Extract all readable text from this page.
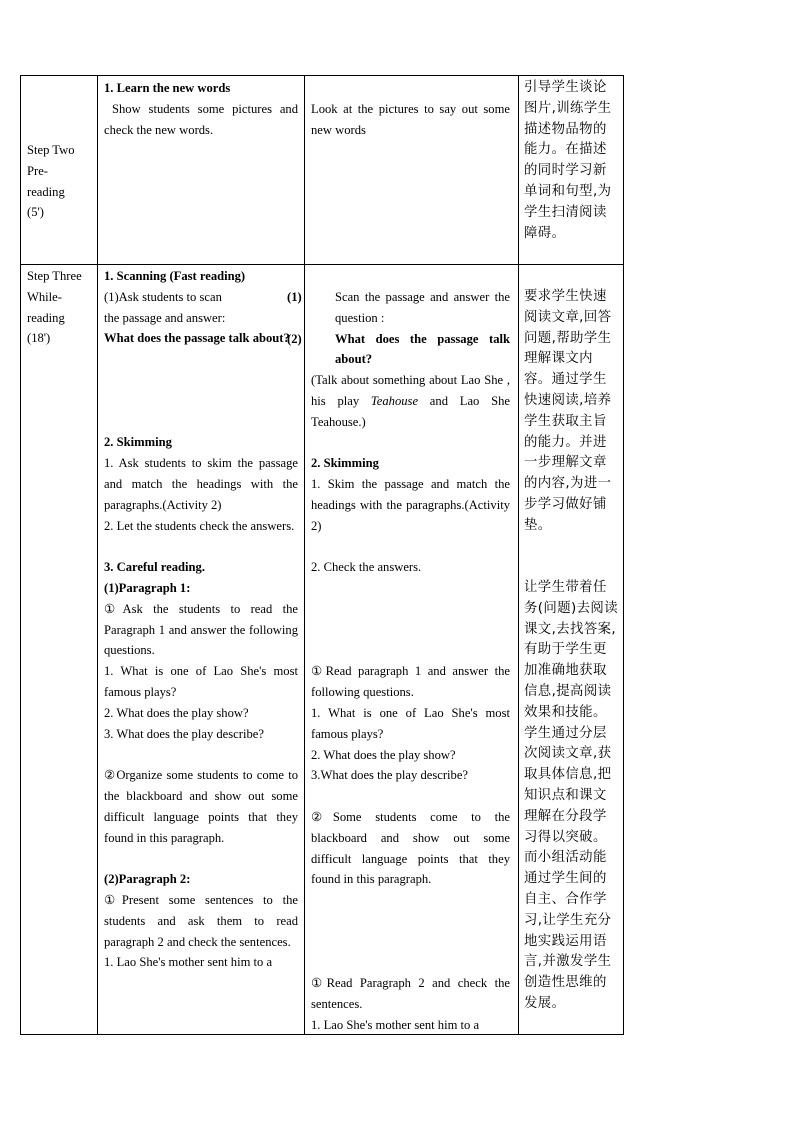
Step Two
Pre-
reading
(5')
1. Learn the new words
Show students some pictures and check the new words.
Look at the pictures to say out some new words
引导学生谈论图片,训练学生描述物品物的能力。在描述的同时学习新单词和句型,为学生扫清阅读障碍。
Step Three
While-
reading
(18')
1. Scanning (Fast reading)
(1)Ask students to scan
the passage and answer:
What does the passage talk about?
2. Skimming
1. Ask students to skim the passage and match the headings with the paragraphs.(Activity 2)
2. Let the students check the answers.
3. Careful reading.
(1)Paragraph 1:
①Ask the students to read the Paragraph 1 and answer the following questions.
1. What is one of Lao She's most famous plays?
2. What does the play show?
3. What does the play describe?
②Organize some students to come to the blackboard and show out some difficult language points that they found in this paragraph.
(2)Paragraph 2:
①Present some sentences to the students and ask them to read paragraph 2 and check the sentences.
1. Lao She's mother sent him to a
(1)	Scan the passage and answer the question :
(2)	What does the passage talk about?
(Talk about something about Lao She , his play Teahouse and Lao She Teahouse.)
2. Skimming
1. Skim the passage and match the headings with the paragraphs.(Activity 2)
2. Check the answers.
①Read paragraph 1 and answer the following questions.
1. What is one of Lao She's most famous plays?
2. What does the play show?
3.What does the play describe?
②Some students come to the blackboard and show out some difficult language points that they found in this paragraph.
①Read Paragraph 2 and check the sentences.
1. Lao She's mother sent him to a
要求学生快速阅读文章,回答问题,帮助学生理解课文内容。通过学生快速阅读,培养学生获取主旨的能力。并进一步理解文章的内容,为进一步学习做好铺垫。
让学生带着任务(问题)去阅读课文,去找答案,有助于学生更加准确地获取信息,提高阅读效果和技能。学生通过分层次阅读文章,获取具体信息,把知识点和课文理解在分段学习得以突破。而小组活动能通过学生间的自主、合作学习,让学生充分地实践运用语言,并激发学生创造性思维的发展。
